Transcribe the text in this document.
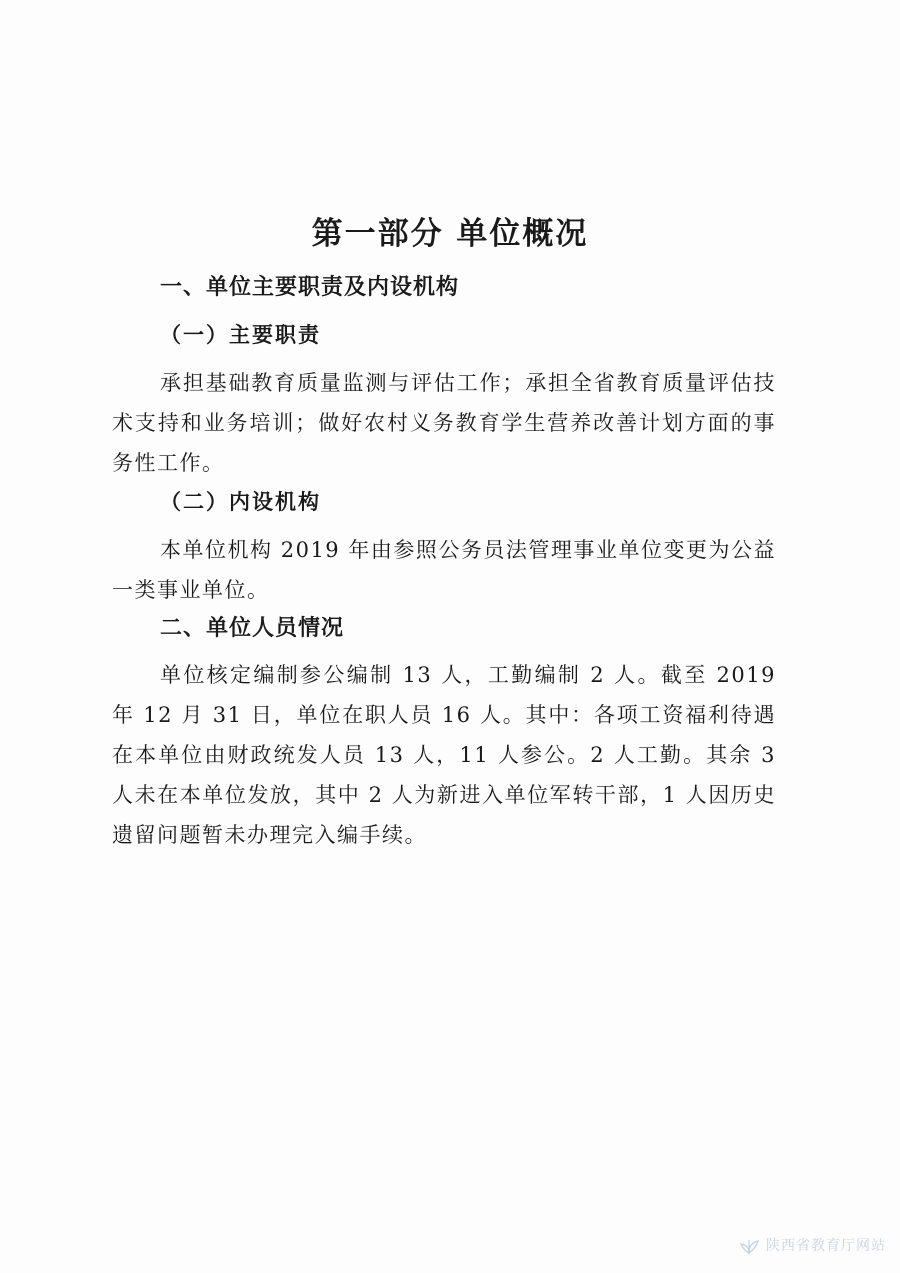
第一部分 单位概况
一、单位主要职责及内设机构
（一）主要职责
承担基础教育质量监测与评估工作；承担全省教育质量评估技术支持和业务培训；做好农村义务教育学生营养改善计划方面的事务性工作。
（二）内设机构
本单位机构 2019 年由参照公务员法管理事业单位变更为公益一类事业单位。
二、单位人员情况
单位核定编制参公编制 13 人，工勤编制 2 人。截至 2019 年 12 月 31 日，单位在职人员 16 人。其中：各项工资福利待遇在本单位由财政统发人员 13 人，11 人参公。2 人工勤。其余 3 人未在本单位发放，其中 2 人为新进入单位军转干部，1 人因历史遗留问题暂未办理完入编手续。
陕西省教育厅网站
